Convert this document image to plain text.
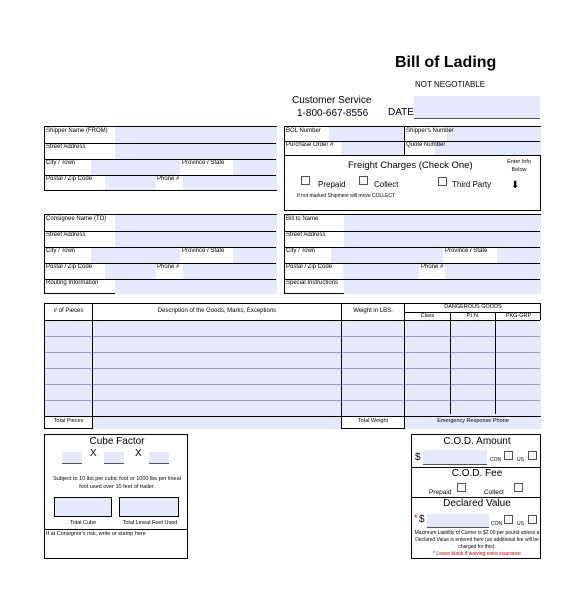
Bill of Lading
NOT NEGOTIABLE
Customer Service
1-800-667-8556 DATE
Shipper Name (FROM)
Street Address
City / Town	Province / State
Postal / Zip Code	Phone #
BOL Number	Shipper's Number
Purchase Order #	Quote Number
Freight Charges (Check One)	Enter Info
Below
⬇
Prepaid	Collect	Third Party
If not marked Shipment will move COLLECT
Consignee Name (TO)
Street Address
City / Town	Province / State
Postal / Zip Code	Phone #
Routing Information
Bill to Name
Street Address
City / Town	Province / State
Postal / Zip Code	Phone #
Special Instructions
# of Pieces	Description of the Goods, Marks, Exceptions	Weight in LBS.
DANGEROUS GOODS
Class	P.I.N.	PKG-GRP
Total Pieces	Total Weight	Emergency Response Phone
Cube Factor
X	X
Subject to 10 lbs per cubic foot or 1000 lbs per lineal foot used over 10 feet of trailer.
Total Cube	Total Lineal Feet Used
If at Consignor's risk, write or stamp here
C.O.D. Amount
$	CON	US
C.O.D. Fee
Prepaid	Collect
Declared Value
* $	CON	US
Maximum Liability of Carrier is $2.00 per pound unless a Declared Value is entered here (an additional fee will be charged for this).
* Leave blank if waiving extra insurance
